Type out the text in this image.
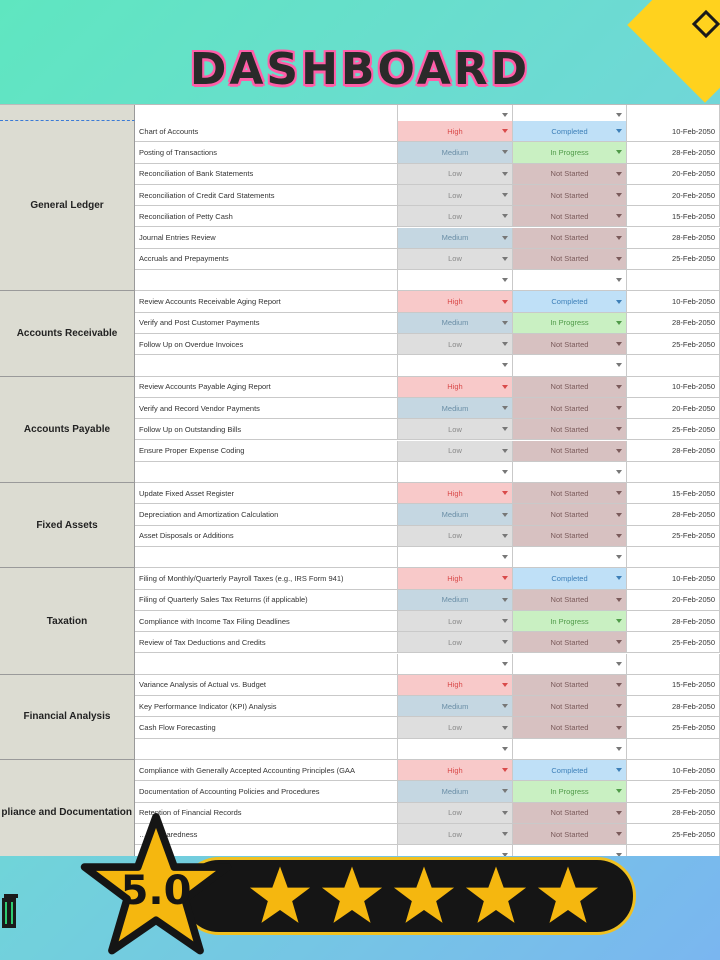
DASHBOARD
General Ledger
Chart of Accounts	High	Completed	10-Feb-2050
Posting of Transactions	Medium	In Progress	28-Feb-2050
Reconciliation of Bank Statements	Low	Not Started	20-Feb-2050
Reconciliation of Credit Card Statements	Low	Not Started	20-Feb-2050
Reconciliation of Petty Cash	Low	Not Started	15-Feb-2050
Journal Entries Review	Medium	Not Started	28-Feb-2050
Accruals and Prepayments	Low	Not Started	25-Feb-2050
Accounts Receivable
Review Accounts Receivable Aging Report	High	Completed	10-Feb-2050
Verify and Post Customer Payments	Medium	In Progress	28-Feb-2050
Follow Up on Overdue Invoices	Low	Not Started	25-Feb-2050
Accounts Payable
Review Accounts Payable Aging Report	High	Not Started	10-Feb-2050
Verify and Record Vendor Payments	Medium	Not Started	20-Feb-2050
Follow Up on Outstanding Bills	Low	Not Started	25-Feb-2050
Ensure Proper Expense Coding	Low	Not Started	28-Feb-2050
Fixed Assets
Update Fixed Asset Register	High	Not Started	15-Feb-2050
Depreciation and Amortization Calculation	Medium	Not Started	28-Feb-2050
Asset Disposals or Additions	Low	Not Started	25-Feb-2050
Taxation
Filing of Monthly/Quarterly Payroll Taxes (e.g., IRS Form 941)	High	Completed	10-Feb-2050
Filing of Quarterly Sales Tax Returns (if applicable)	Medium	Not Started	20-Feb-2050
Compliance with Income Tax Filing Deadlines	Low	In Progress	28-Feb-2050
Review of Tax Deductions and Credits	Low	Not Started	25-Feb-2050
Financial Analysis
Variance Analysis of Actual vs. Budget	High	Not Started	15-Feb-2050
Key Performance Indicator (KPI) Analysis	Medium	Not Started	28-Feb-2050
Cash Flow Forecasting	Low	Not Started	25-Feb-2050
pliance and Documentation
Compliance with Generally Accepted Accounting Principles (GAA	High	Completed	10-Feb-2050
Documentation of Accounting Policies and Procedures	Medium	In Progress	25-Feb-2050
Retention of Financial Records	Low	Not Started	28-Feb-2050
…t Preparedness	Low	Not Started	25-Feb-2050
5.0
